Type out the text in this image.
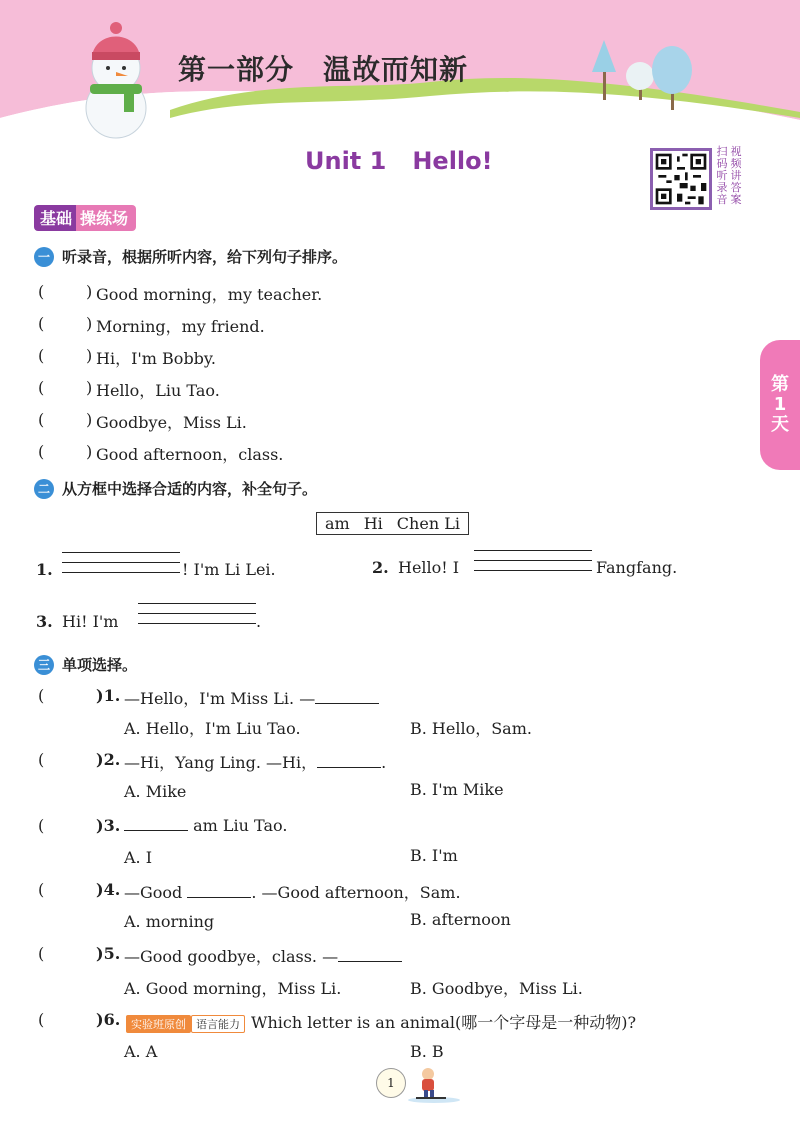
第一部分　温故而知新
Unit 1 Hello!	扫码听录音
视频讲答案
基础 操练场
第
1
天
一 听录音，根据所听内容，给下列句子排序。
(	) Good morning，my teacher.
(	) Morning，my friend.
(	) Hi，I'm Bobby.
(	) Hello，Liu Tao.
(	) Goodbye，Miss Li.
(	) Good afternoon，class.
二 从方框中选择合适的内容，补全句子。
am Hi Chen Li
1.	! I'm Li Lei.	2. Hello! I	Fangfang.
3. Hi! I'm	.
三 单项选择。
(	)1. —Hello，I'm Miss Li. —
A. Hello，I'm Liu Tao.	B. Hello，Sam.
(	)2. —Hi，Yang Ling. —Hi，	.
A. Mike	B. I'm Mike
(	)3.	am Liu Tao.
A. I	B. I'm
(	)4. —Good	. —Good afternoon，Sam.
A. morning	B. afternoon
(	)5. —Good goodbye，class. —
A. Good morning，Miss Li.	B. Goodbye，Miss Li.
(	)6. 实验班原创 语言能力 Which letter is an animal(哪一个字母是一种动物)?
A. A	B. B
1
